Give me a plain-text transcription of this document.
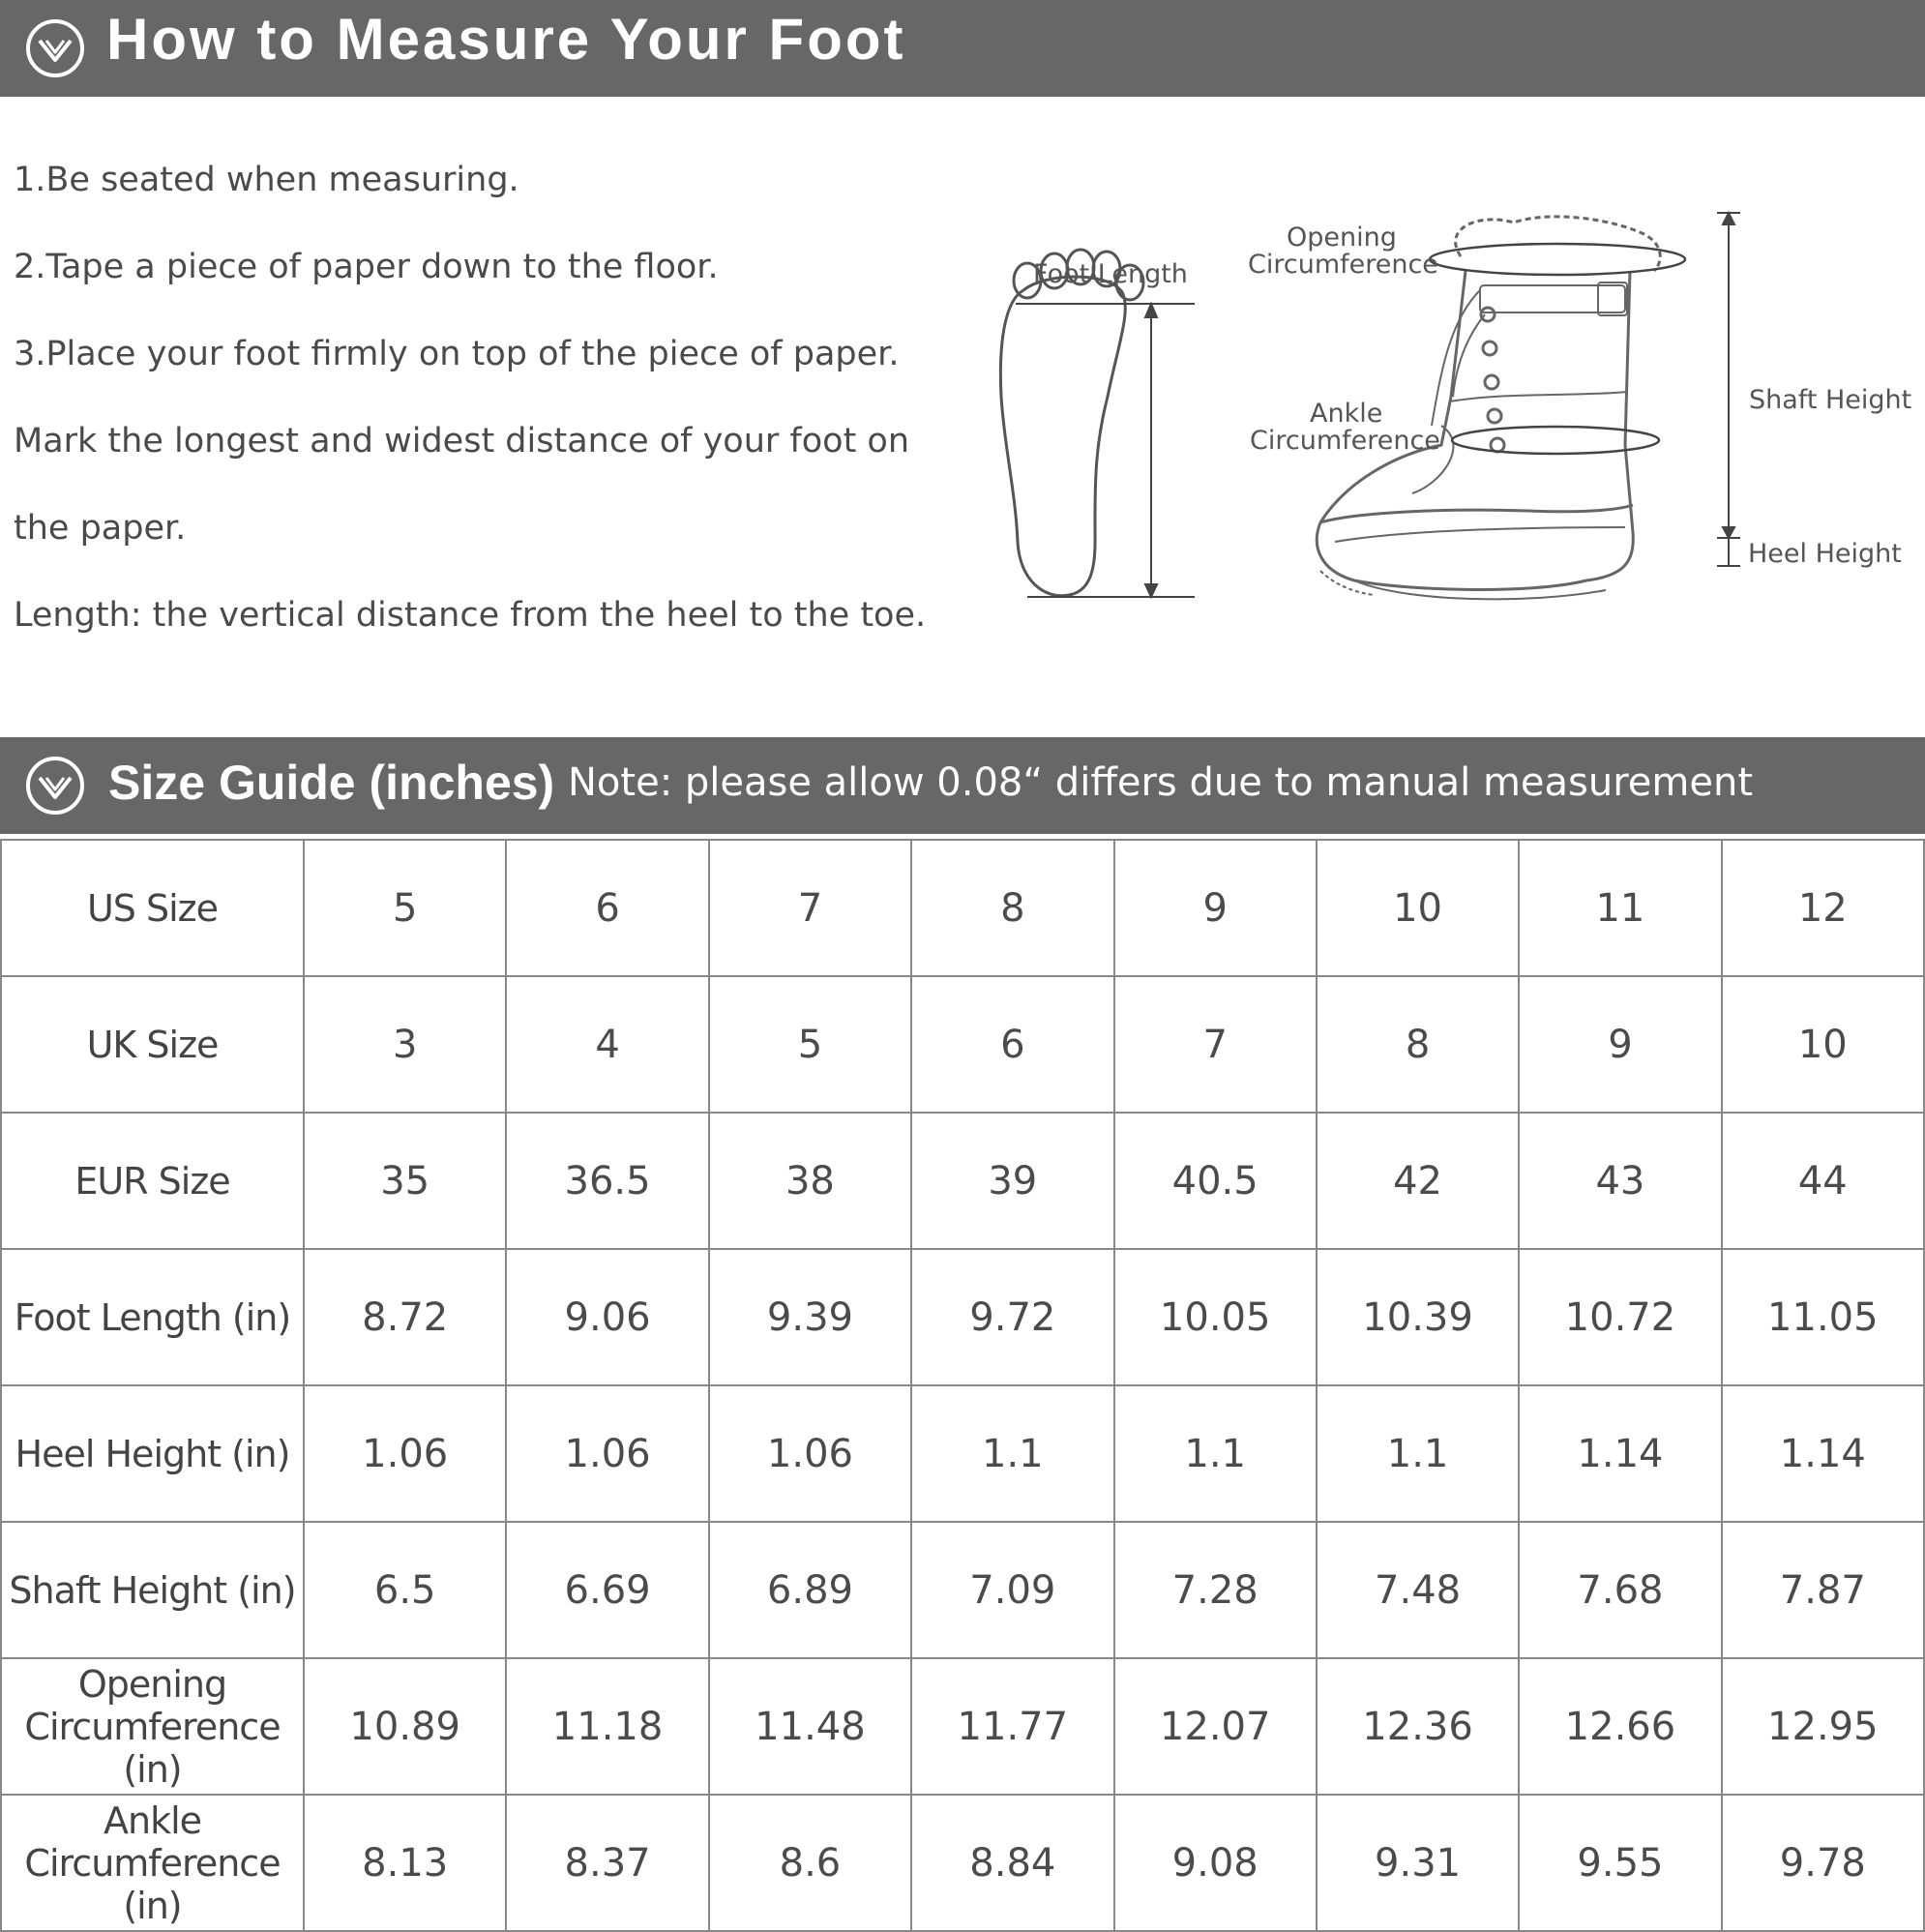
How to Measure Your Foot

1.Be seated when measuring.

2.Tape a piece of paper down to the floor.

3.Place your foot firmly on top of the piece of paper.

Mark the longest and widest distance of your foot on

the paper.

Length: the vertical distance from the heel to the toe.

Foot Length
Opening
Circumference
Ankle
Circumference
Shaft Height
Heel Height
Size Guide (inches) Note: please allow 0.08“ differs due to manual measurement
US Size	5	6	7	8	9	10	11	12
UK Size	3	4	5	6	7	8	9	10
EUR Size	35	36.5	38	39	40.5	42	43	44
Foot Length (in)	8.72	9.06	9.39	9.72	10.05	10.39	10.72	11.05
Heel Height (in)	1.06	1.06	1.06	1.1	1.1	1.1	1.14	1.14
Shaft Height (in)	6.5	6.69	6.89	7.09	7.28	7.48	7.68	7.87
Opening Circumference (in)	10.89	11.18	11.48	11.77	12.07	12.36	12.66	12.95
Ankle Circumference (in)	8.13	8.37	8.6	8.84	9.08	9.31	9.55	9.78
